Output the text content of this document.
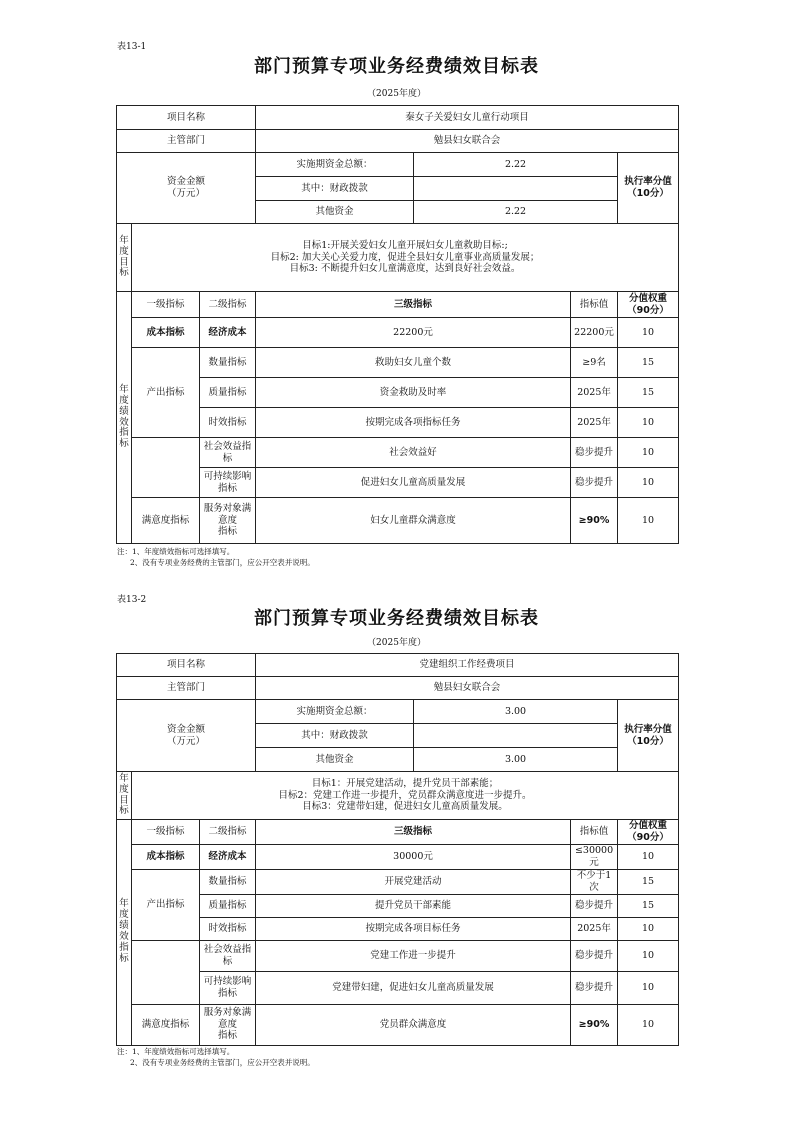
表13-1
部门预算专项业务经费绩效目标表
（2025年度）
项目名称			秦女子关爱妇女儿童行动项目			
主管部门			勉县妇女联合会			
资金金额
（万元）			实施期资金总额：	2.22		执行率分值
（10分）
			其中：财政拨款			
			其他资金	2.22		
年度目标	目标1:开展关爱妇女儿童开展妇女儿童救助目标:;
目标2: 加大关心关爱力度，促进全县妇女儿童事业高质量发展；
目标3: 不断提升妇女儿童满意度，达到良好社会效益。					

年度绩效指标	一级指标	二级指标	三级指标		指标值	分值权重
（90分）
	成本指标	经济成本	22200元		22200元	10
	产出指标	数量指标	救助妇女儿童个数		≥9名	15
		质量指标	资金救助及时率		2025年	15
		时效指标	按期完成各项指标任务		2025年	10
		社会效益指标	社会效益好		稳步提升	10
		可持续影响指标	促进妇女儿童高质量发展		稳步提升	10
	满意度指标	服务对象满意度
指标	妇女儿童群众满意度		≥90%	10
注：1、年度绩效指标可选择填写。
2、没有专项业务经费的主管部门，应公开空表并说明。
表13-2
部门预算专项业务经费绩效目标表
（2025年度）
项目名称			党建组织工作经费项目			
主管部门			勉县妇女联合会			
资金金额
（万元）			实施期资金总额：	3.00		执行率分值
（10分）
			其中：财政拨款			
			其他资金	3.00		
年度目标	目标1：开展党建活动，提升党员干部素能；
目标2：党建工作进一步提升，党员群众满意度进一步提升。
目标3：党建带妇建，促进妇女儿童高质量发展。					

年度绩效指标	一级指标	二级指标	三级指标		指标值	分值权重
（90分）
	成本指标	经济成本	30000元		≤30000元	10
	产出指标	数量指标	开展党建活动		不少于1次	15
		质量指标	提升党员干部素能		稳步提升	15
		时效指标	按期完成各项目标任务		2025年	10
		社会效益指标	党建工作进一步提升		稳步提升	10
		可持续影响指标	党建带妇建，促进妇女儿童高质量发展		稳步提升	10
	满意度指标	服务对象满意度
指标	党员群众满意度		≥90%	10
注：1、年度绩效指标可选择填写。
2、没有专项业务经费的主管部门，应公开空表并说明。
